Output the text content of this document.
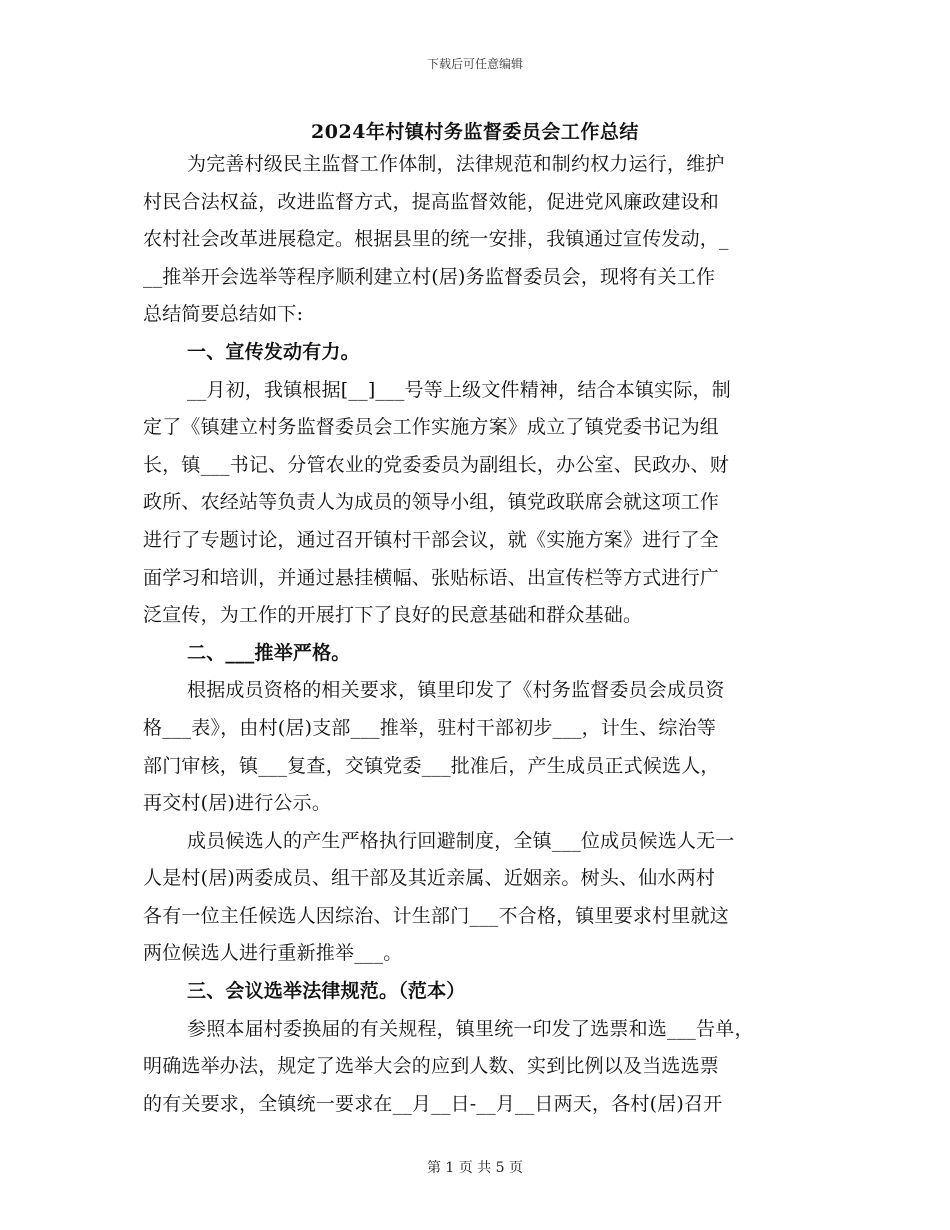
下载后可任意编辑
2024年村镇村务监督委员会工作总结
为完善村级民主监督工作体制，法律规范和制约权力运行，维护
村民合法权益，改进监督方式，提高监督效能，促进党风廉政建设和
农村社会改革进展稳定。根据县里的统一安排，我镇通过宣传发动，_
__推举开会选举等程序顺利建立村(居)务监督委员会，现将有关工作
总结简要总结如下:
一、宣传发动有力。
__月初，我镇根据[__]___号等上级文件精神，结合本镇实际，制
定了《镇建立村务监督委员会工作实施方案》成立了镇党委书记为组
长，镇___书记、分管农业的党委委员为副组长，办公室、民政办、财
政所、农经站等负责人为成员的领导小组，镇党政联席会就这项工作
进行了专题讨论，通过召开镇村干部会议，就《实施方案》进行了全
面学习和培训，并通过悬挂横幅、张贴标语、出宣传栏等方式进行广
泛宣传，为工作的开展打下了良好的民意基础和群众基础。
二、___推举严格。
根据成员资格的相关要求，镇里印发了《村务监督委员会成员资
格___表》，由村(居)支部___推举，驻村干部初步___，计生、综治等
部门审核，镇___复查，交镇党委___批准后，产生成员正式候选人，
再交村(居)进行公示。
成员候选人的产生严格执行回避制度，全镇___位成员候选人无一
人是村(居)两委成员、组干部及其近亲属、近姻亲。树头、仙水两村
各有一位主任候选人因综治、计生部门___不合格，镇里要求村里就这
两位候选人进行重新推举___。
三、会议选举法律规范。（范本）
参照本届村委换届的有关规程，镇里统一印发了选票和选___告单，
明确选举办法，规定了选举大会的应到人数、实到比例以及当选选票
的有关要求，全镇统一要求在__月__日-__月__日两天，各村(居)召开
第 1 页 共 5 页
